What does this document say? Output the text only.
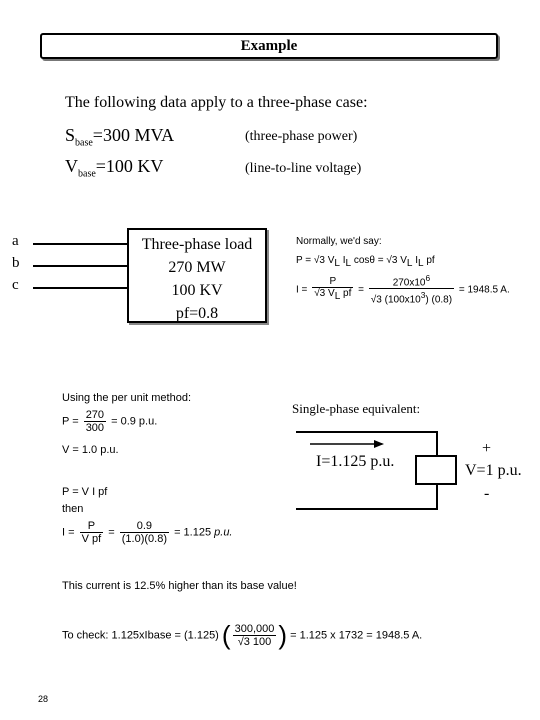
Example
The following data apply to a three-phase case:
$S_{base}=300$ MVA	(three-phase power)
$V_{base}=100$ KV	(line-to-line voltage)
a
b
c
Three-phase load
270 MW
100 KV
pf=0.8
Normally, we'd say:
P = √3 $V_L$ $I_L$ cosθ = √3 $V_L$ $I_L$ pf
$I = \frac{P}{√3 V_L pf} = \frac{270x10^6}{√3 (100x10^3) (0.8)} = 1948.5$ A.
Using the per unit method:
$P = \frac{270}{300} = 0.9$ p.u.
V = 1.0 p.u.
P = V I pf
then
$I = \frac{P}{\text{V pf}} = \frac{0.9}{(1.0)(0.8)} = 1.125$ p.u.
This current is 12.5% higher than its base value!
To check: 1.125xIbase = (1.125) ( $\frac{300,000}{√3 100}$ ) = 1.125 x 1732 = 1948.5 A.
Single-phase equivalent:
I=1.125 p.u.
+
V=1 p.u.
-
28
